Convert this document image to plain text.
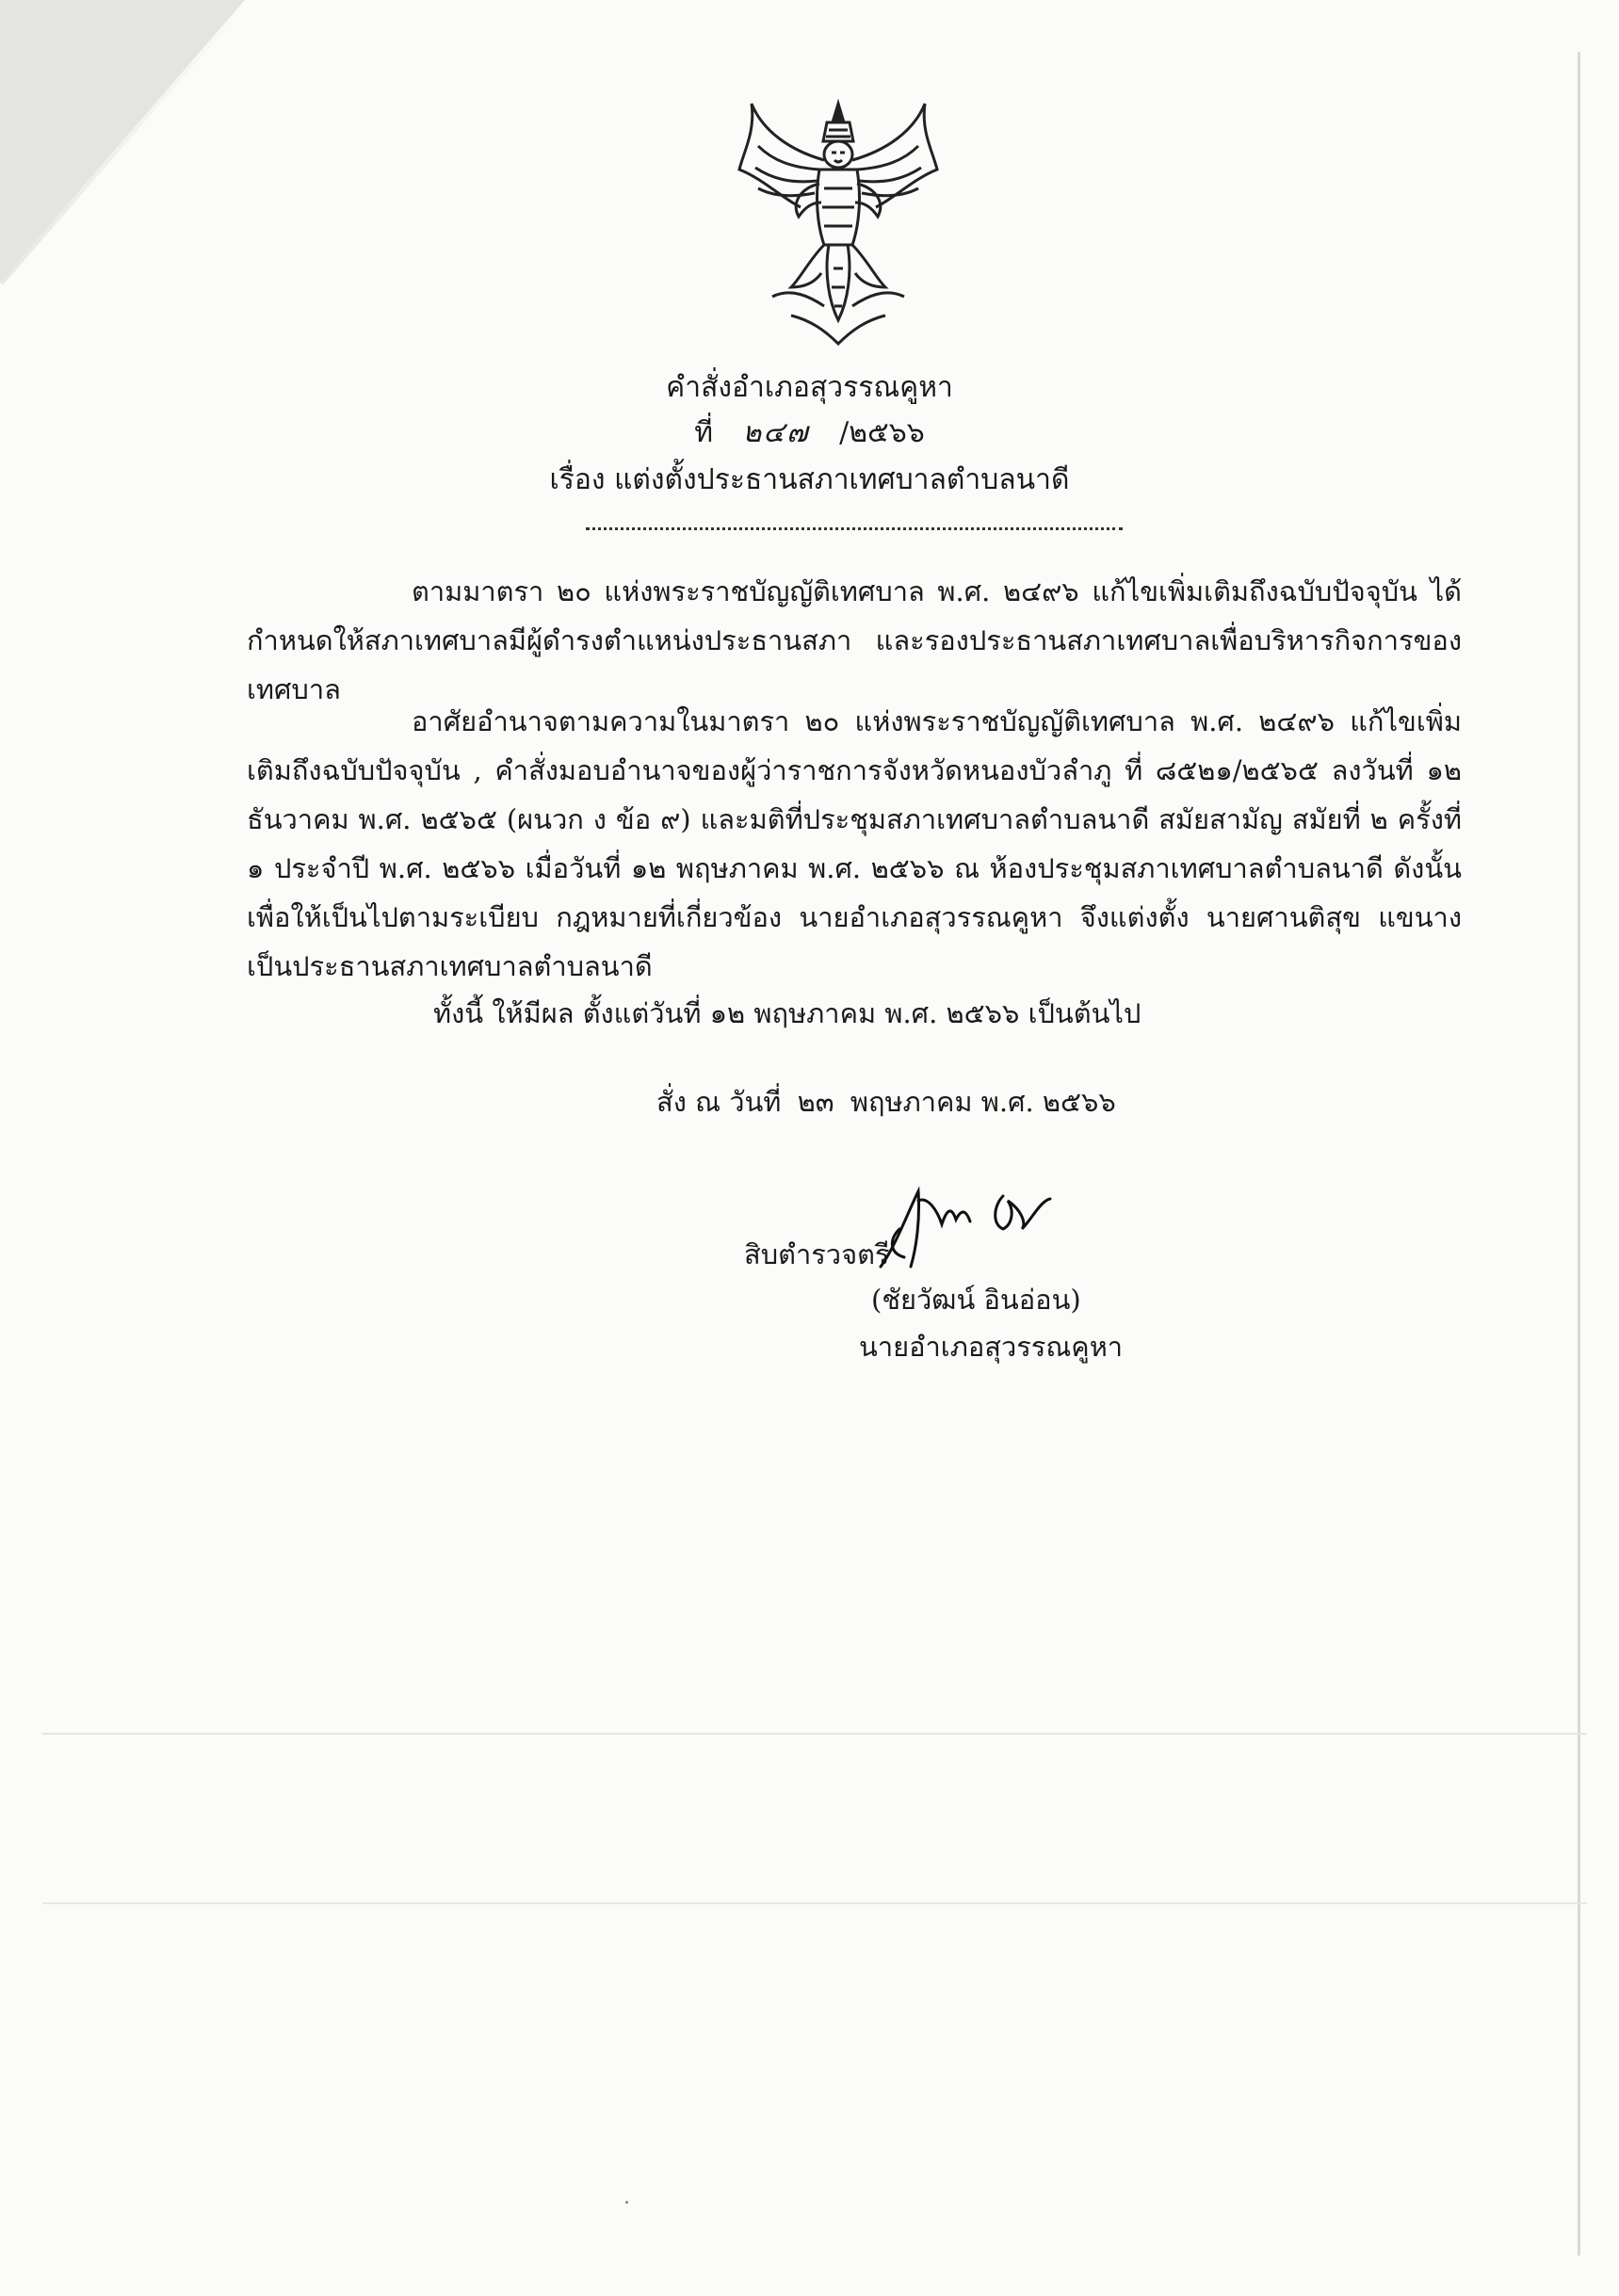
คำสั่งอำเภอสุวรรณคูหา
ที่ ๒๔๗ /๒๕๖๖
เรื่อง แต่งตั้งประธานสภาเทศบาลตำบลนาดี
ตามมาตรา ๒๐ แห่งพระราชบัญญัติเทศบาล พ.ศ. ๒๔๙๖ แก้ไขเพิ่มเติมถึงฉบับปัจจุบัน ได้กำหนดให้สภาเทศบาลมีผู้ดำรงตำแหน่งประธานสภา และรองประธานสภาเทศบาลเพื่อบริหารกิจการของเทศบาล
อาศัยอำนาจตามความในมาตรา ๒๐ แห่งพระราชบัญญัติเทศบาล พ.ศ. ๒๔๙๖ แก้ไขเพิ่มเติมถึงฉบับปัจจุบัน , คำสั่งมอบอำนาจของผู้ว่าราชการจังหวัดหนองบัวลำภู ที่ ๘๕๒๑/๒๕๖๕ ลงวันที่ ๑๒ ธันวาคม พ.ศ. ๒๕๖๕ (ผนวก ง ข้อ ๙) และมติที่ประชุมสภาเทศบาลตำบลนาดี สมัยสามัญ สมัยที่ ๒ ครั้งที่ ๑ ประจำปี พ.ศ. ๒๕๖๖ เมื่อวันที่ ๑๒ พฤษภาคม พ.ศ. ๒๕๖๖ ณ ห้องประชุมสภาเทศบาลตำบลนาดี ดังนั้น เพื่อให้เป็นไปตามระเบียบ กฎหมายที่เกี่ยวข้อง นายอำเภอสุวรรณคูหา จึงแต่งตั้ง นายศานติสุข แขนาง เป็นประธานสภาเทศบาลตำบลนาดี
ทั้งนี้ ให้มีผล ตั้งแต่วันที่ ๑๒ พฤษภาคม พ.ศ. ๒๕๖๖ เป็นต้นไป
สั่ง ณ วันที่ ๒๓ พฤษภาคม พ.ศ. ๒๕๖๖
สิบตำรวจตรี
(ชัยวัฒน์ อินอ่อน)
นายอำเภอสุวรรณคูหา
